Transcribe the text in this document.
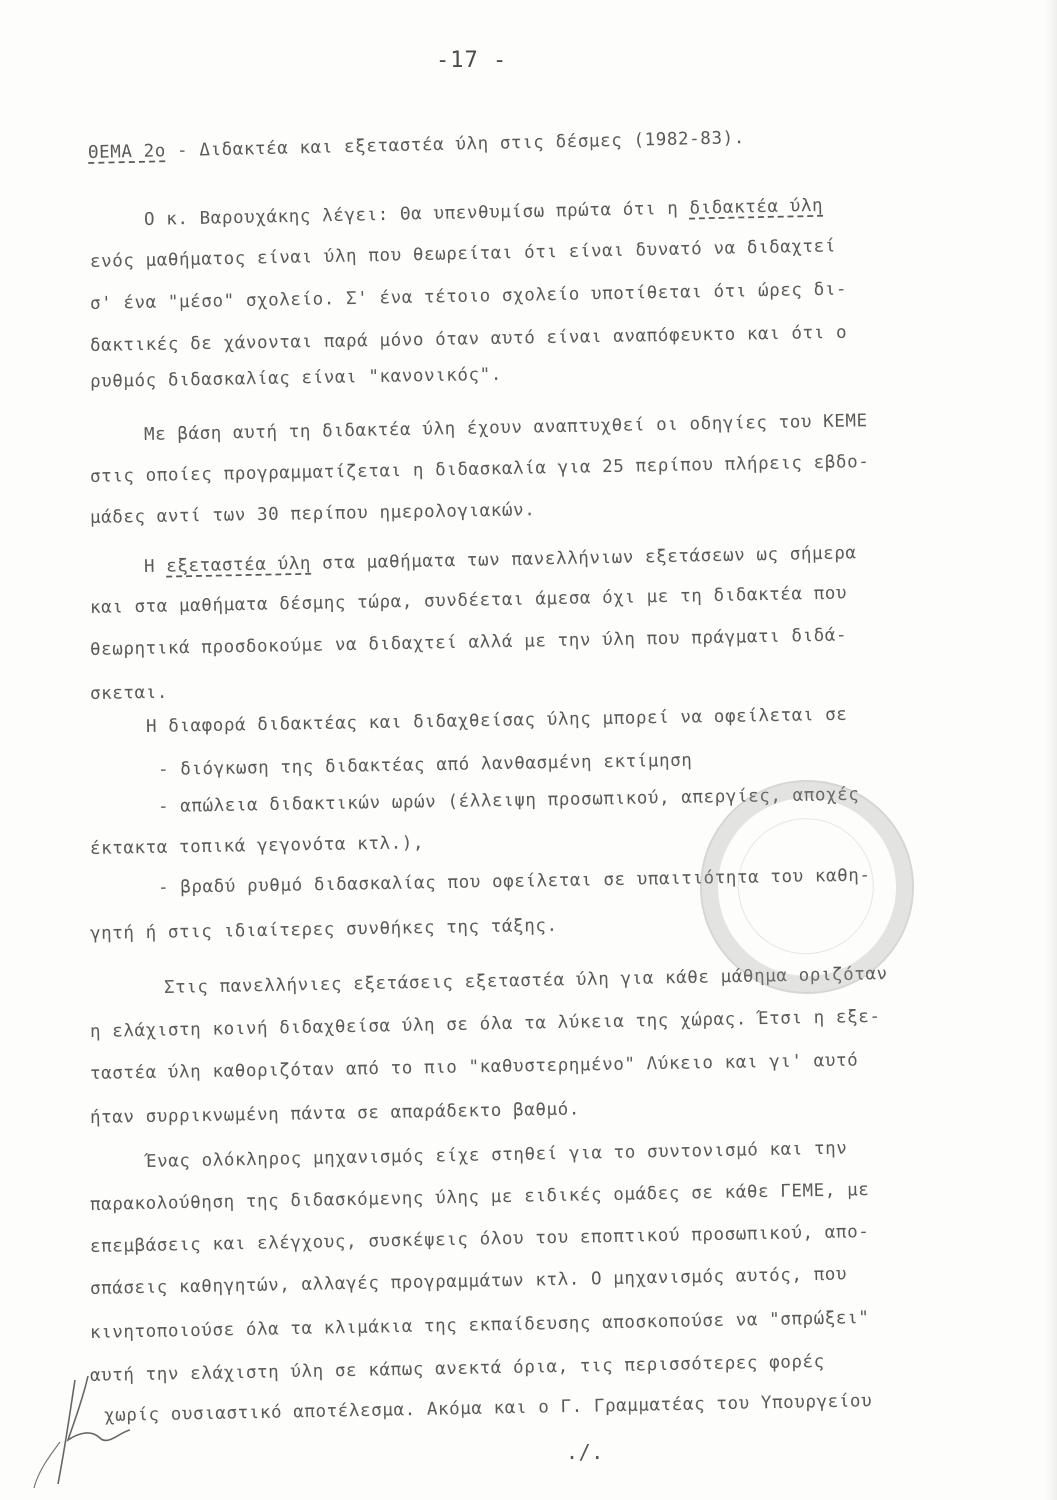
-17 -
ΘΕΜΑ 2ο - Διδακτέα και εξεταστέα ύλη στις δέσμες (1982-83).
Ο κ. Βαρουχάκης λέγει: Θα υπενθυμίσω πρώτα ότι η διδακτέα ύλη
ενός μαθήματος είναι ύλη που θεωρείται ότι είναι δυνατό να διδαχτεί
σ' ένα "μέσο" σχολείο. Σ' ένα τέτοιο σχολείο υποτίθεται ότι ώρες δι-
δακτικές δε χάνονται παρά μόνο όταν αυτό είναι αναπόφευκτο και ότι ο
ρυθμός διδασκαλίας είναι "κανονικός".
Με βάση αυτή τη διδακτέα ύλη έχουν αναπτυχθεί οι οδηγίες του ΚΕΜΕ
στις οποίες προγραμματίζεται η διδασκαλία για 25 περίπου πλήρεις εβδο-
μάδες αντί των 30 περίπου ημερολογιακών.
Η εξεταστέα ύλη στα μαθήματα των πανελλήνιων εξετάσεων ως σήμερα
και στα μαθήματα δέσμης τώρα, συνδέεται άμεσα όχι με τη διδακτέα που
θεωρητικά προσδοκούμε να διδαχτεί αλλά με την ύλη που πράγματι διδά-
σκεται.
Η διαφορά διδακτέας και διδαχθείσας ύλης μπορεί να οφείλεται σε
- διόγκωση της διδακτέας από λανθασμένη εκτίμηση
- απώλεια διδακτικών ωρών (έλλειψη προσωπικού, απεργίες, αποχές
έκτακτα τοπικά γεγονότα κτλ.),
- βραδύ ρυθμό διδασκαλίας που οφείλεται σε υπαιτιότητα του καθη-
γητή ή στις ιδιαίτερες συνθήκες της τάξης.
Στις πανελλήνιες εξετάσεις εξεταστέα ύλη για κάθε μάθημα οριζόταν
η ελάχιστη κοινή διδαχθείσα ύλη σε όλα τα λύκεια της χώρας. Έτσι η εξε-
ταστέα ύλη καθοριζόταν από το πιο "καθυστερημένο" Λύκειο και γι' αυτό
ήταν συρρικνωμένη πάντα σε απαράδεκτο βαθμό.
Ένας ολόκληρος μηχανισμός είχε στηθεί για το συντονισμό και την
παρακολούθηση της διδασκόμενης ύλης με ειδικές ομάδες σε κάθε ΓΕΜΕ, με
επεμβάσεις και ελέγχους, συσκέψεις όλου του εποπτικού προσωπικού, απο-
σπάσεις καθηγητών, αλλαγές προγραμμάτων κτλ. Ο μηχανισμός αυτός, που
κινητοποιούσε όλα τα κλιμάκια της εκπαίδευσης αποσκοπούσε να "σπρώξει"
αυτή την ελάχιστη ύλη σε κάπως ανεκτά όρια, τις περισσότερες φορές
χωρίς ουσιαστικό αποτέλεσμα. Ακόμα και ο Γ. Γραμματέας του Υπουργείου
./.
